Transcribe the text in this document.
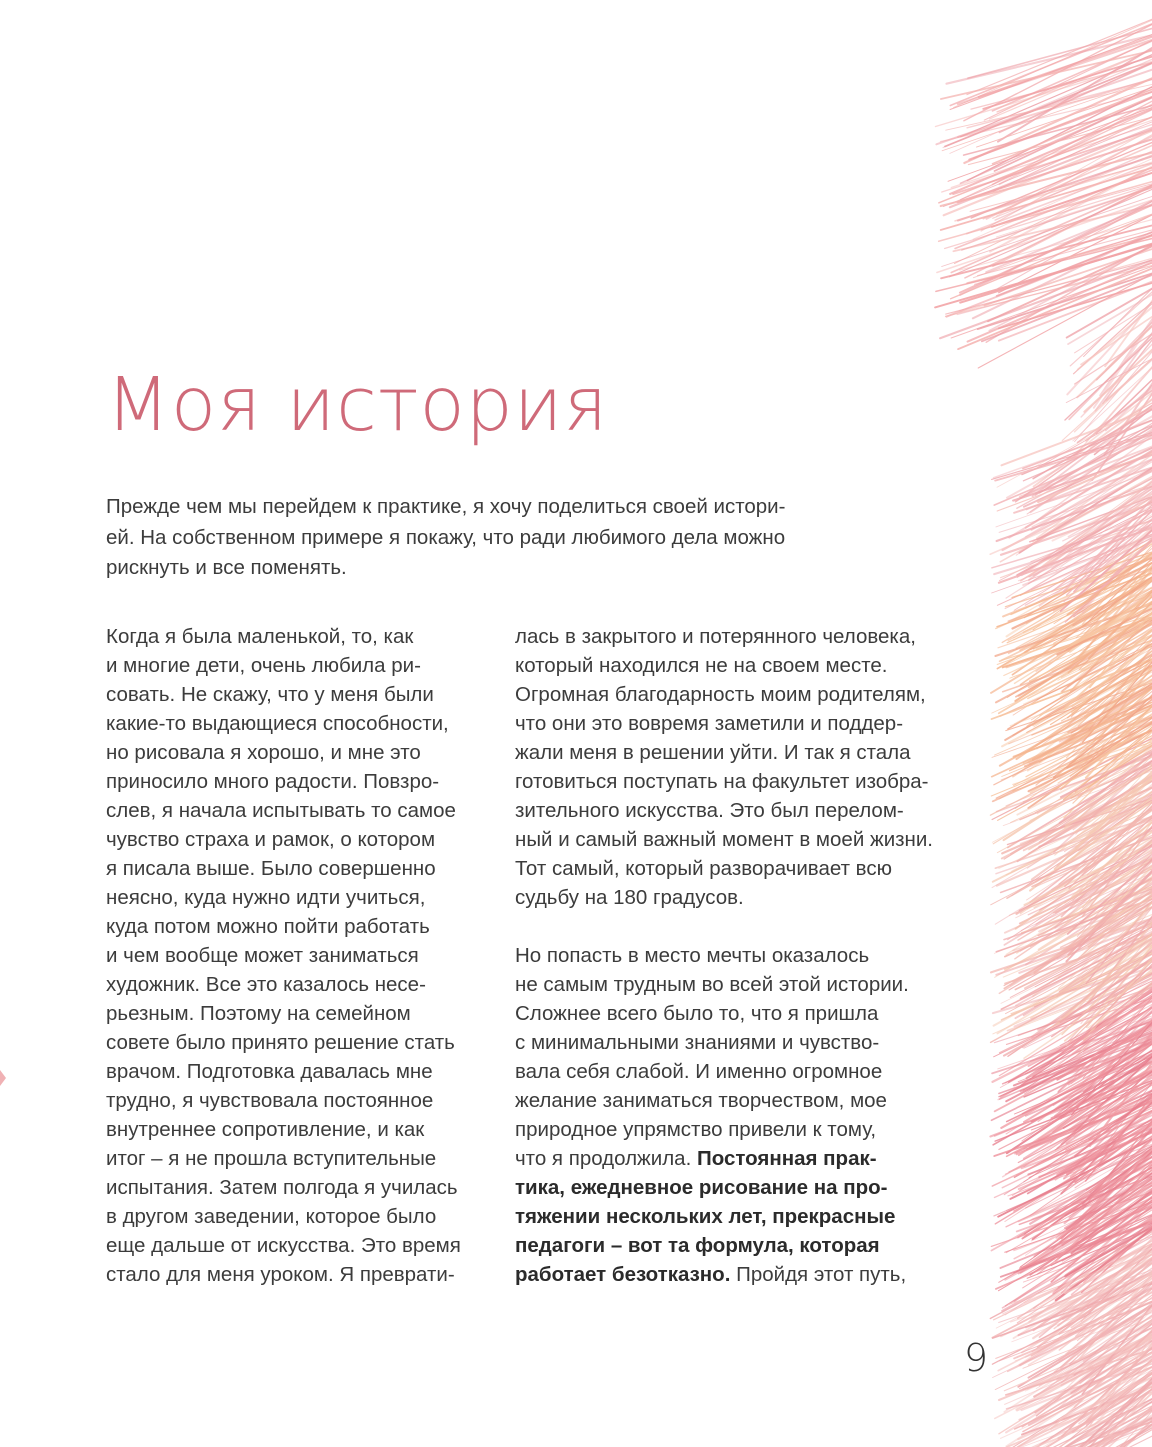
Моя история
Прежде чем мы перейдем к практике, я хочу поделиться своей истори-
ей. На собственном примере я покажу, что ради любимого дела можно
рискнуть и все поменять.
Когда я была маленькой, то, как
и многие дети, очень любила ри-
совать. Не скажу, что у меня были
какие-то выдающиеся способности,
но рисовала я хорошо, и мне это
приносило много радости. Повзро-
слев, я начала испытывать то самое
чувство страха и рамок, о котором
я писала выше. Было совершенно
неясно, куда нужно идти учиться,
куда потом можно пойти работать
и чем вообще может заниматься
художник. Все это казалось несе-
рьезным. Поэтому на семейном
совете было принято решение стать
врачом. Подготовка давалась мне
трудно, я чувствовала постоянное
внутреннее сопротивление, и как
итог – я не прошла вступительные
испытания. Затем полгода я училась
в другом заведении, которое было
еще дальше от искусства. Это время
стало для меня уроком. Я преврати-
лась в закрытого и потерянного человека,
который находился не на своем месте.
Огромная благодарность моим родителям,
что они это вовремя заметили и поддер-
жали меня в решении уйти. И так я стала
готовиться поступать на факультет изобра-
зительного искусства. Это был перелом-
ный и самый важный момент в моей жизни.
Тот самый, который разворачивает всю
судьбу на 180 градусов.
Но попасть в место мечты оказалось
не самым трудным во всей этой истории.
Сложнее всего было то, что я пришла
с минимальными знаниями и чувство-
вала себя слабой. И именно огромное
желание заниматься творчеством, мое
природное упрямство привели к тому,
что я продолжила. Постоянная прак-
тика, ежедневное рисование на про-
тяжении нескольких лет, прекрасные
педагоги – вот та формула, которая
работает безотказно. Пройдя этот путь,
9
